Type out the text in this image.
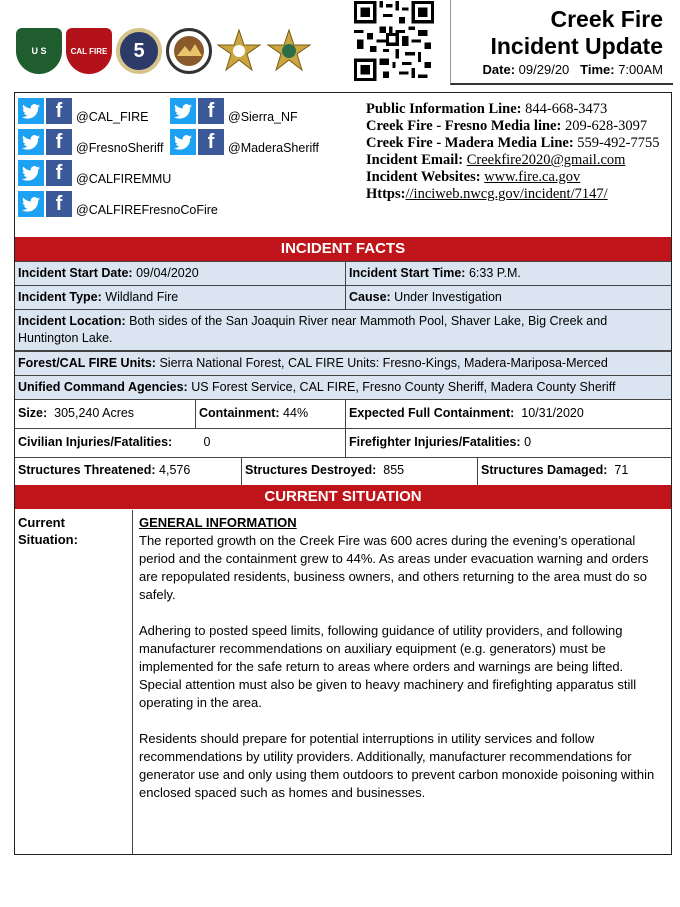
U S	CAL FIRE 5
Creek Fire
Incident Update
Date: 09/29/20 Time: 7:00AM
f	@CAL_FIRE	f	@Sierra_NF
f	@FresnoSheriff	f	@MaderaSheriff
f	@CALFIREMMU
f	@CALFIREFresnoCoFire
Public Information Line: 844-668-3473
Creek Fire - Fresno Media line: 209-628-3097
Creek Fire - Madera Media Line: 559-492-7755
Incident Email: Creekfire2020@gmail.com
Incident Websites: www.fire.ca.gov
Https://inciweb.nwcg.gov/incident/7147/
INCIDENT FACTS
Incident Start Date: 09/04/2020	Incident Start Time: 6:33 P.M.
Incident Type: Wildland Fire	Cause: Under Investigation
Incident Location: Both sides of the San Joaquin River near Mammoth Pool, Shaver Lake, Big Creek and Huntington Lake.
Forest/CAL FIRE Units: Sierra National Forest, CAL FIRE Units: Fresno-Kings, Madera-Mariposa-Merced
Unified Command Agencies: US Forest Service, CAL FIRE, Fresno County Sheriff, Madera County Sheriff
Size: 305,240 Acres	Containment: 44%	Expected Full Containment: 10/31/2020
Civilian Injuries/Fatalities:	0	Firefighter Injuries/Fatalities: 0
Structures Threatened: 4,576	Structures Destroyed: 855	Structures Damaged: 71
CURRENT SITUATION
Current
Situation:
GENERAL INFORMATION

The reported growth on the Creek Fire was 600 acres during the evening’s operational period and the containment grew to 44%. As areas under evacuation warning and orders are repopulated residents, business owners, and others returning to the area must do so safely.

Adhering to posted speed limits, following guidance of utility providers, and following manufacturer recommendations on auxiliary equipment (e.g. generators) must be implemented for the safe return to areas where orders and warnings are being lifted. Special attention must also be given to heavy machinery and firefighting apparatus still operating in the area.

Residents should prepare for potential interruptions in utility services and follow recommendations by utility providers. Additionally, manufacturer recommendations for generator use and only using them outdoors to prevent carbon monoxide poisoning within enclosed spaced such as homes and businesses.
